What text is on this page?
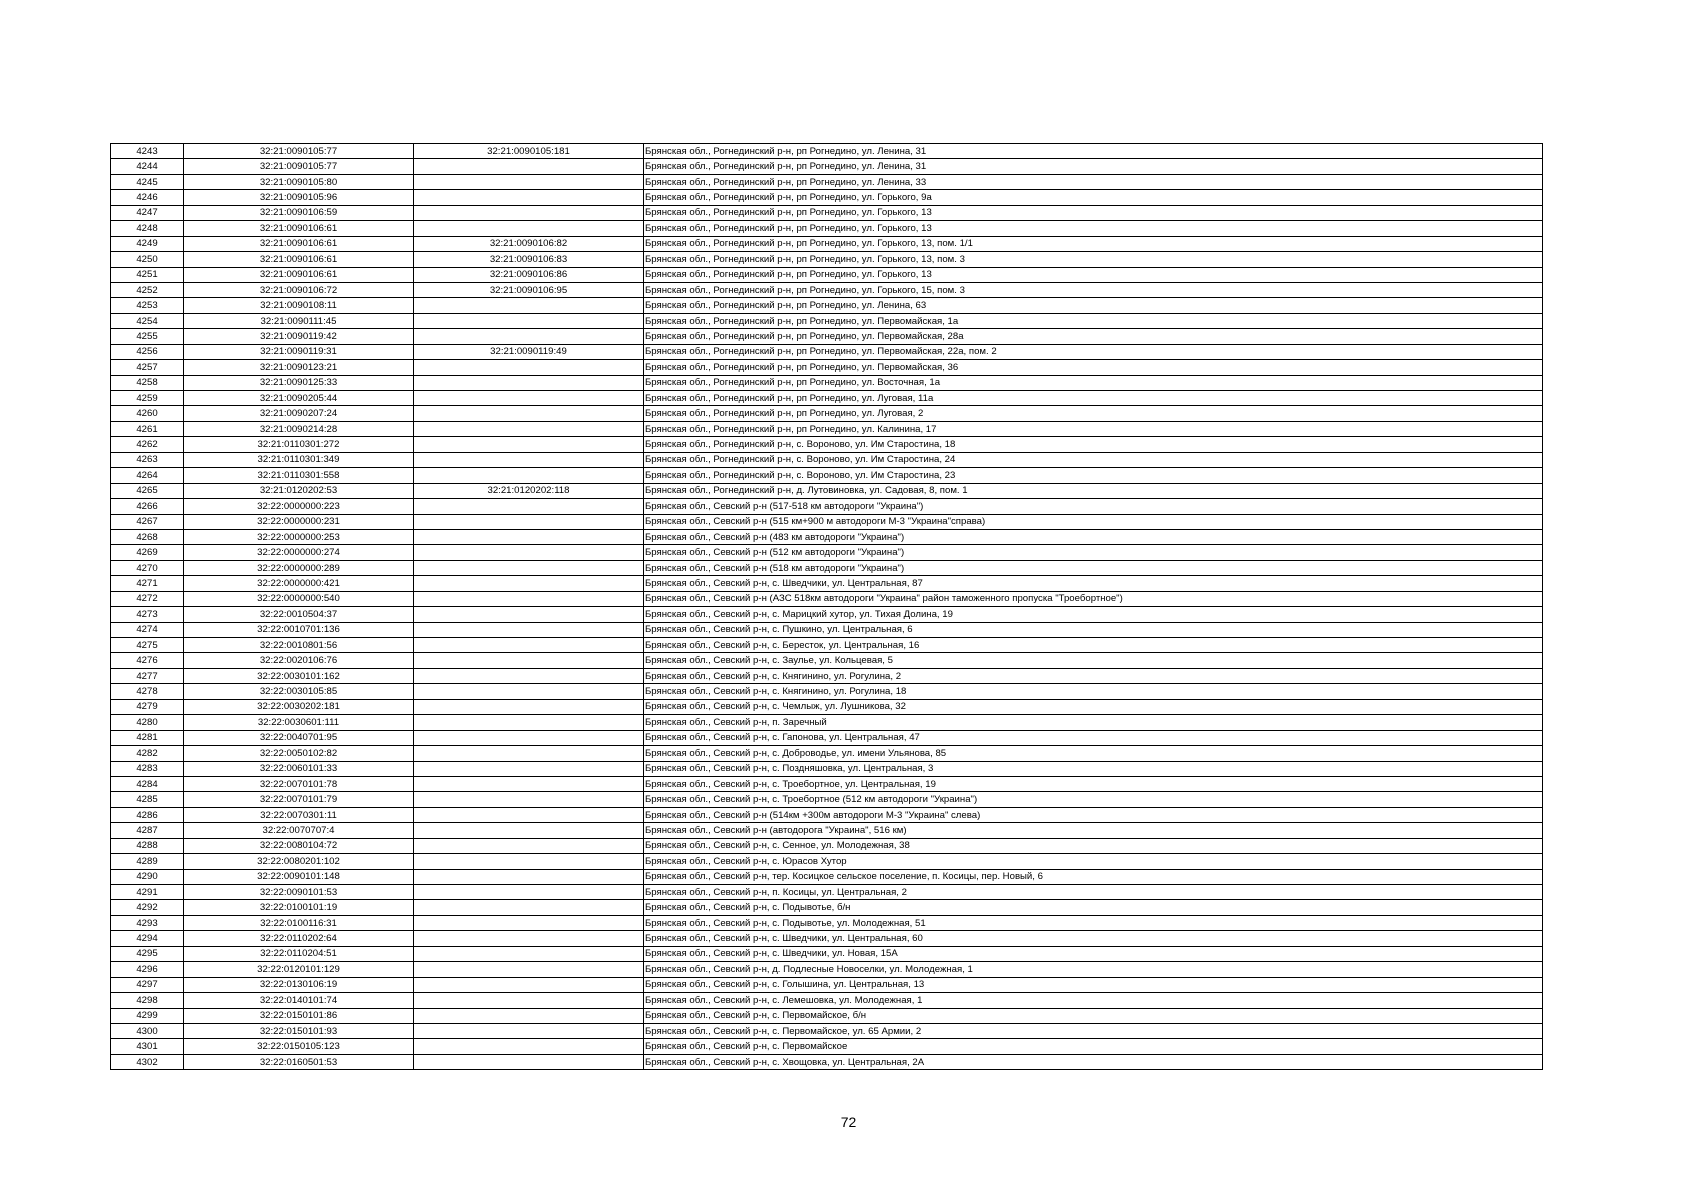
4243	32:21:0090105:77	32:21:0090105:181	Брянская обл., Рогнединский р-н, рп Рогнедино, ул. Ленина, 31
4244	32:21:0090105:77		Брянская обл., Рогнединский р-н, рп Рогнедино, ул. Ленина, 31
4245	32:21:0090105:80		Брянская обл., Рогнединский р-н, рп Рогнедино, ул. Ленина, 33
4246	32:21:0090105:96		Брянская обл., Рогнединский р-н, рп Рогнедино, ул. Горького, 9а
4247	32:21:0090106:59		Брянская обл., Рогнединский р-н, рп Рогнедино, ул. Горького, 13
4248	32:21:0090106:61		Брянская обл., Рогнединский р-н, рп Рогнедино, ул. Горького, 13
4249	32:21:0090106:61	32:21:0090106:82	Брянская обл., Рогнединский р-н, рп Рогнедино, ул. Горького, 13, пом. 1/1
4250	32:21:0090106:61	32:21:0090106:83	Брянская обл., Рогнединский р-н, рп Рогнедино, ул. Горького, 13, пом. 3
4251	32:21:0090106:61	32:21:0090106:86	Брянская обл., Рогнединский р-н, рп Рогнедино, ул. Горького, 13
4252	32:21:0090106:72	32:21:0090106:95	Брянская обл., Рогнединский р-н, рп Рогнедино, ул. Горького, 15, пом. 3
4253	32:21:0090108:11		Брянская обл., Рогнединский р-н, рп Рогнедино, ул. Ленина, 63
4254	32:21:0090111:45		Брянская обл., Рогнединский р-н, рп Рогнедино, ул. Первомайская, 1а
4255	32:21:0090119:42		Брянская обл., Рогнединский р-н, рп Рогнедино, ул. Первомайская, 28а
4256	32:21:0090119:31	32:21:0090119:49	Брянская обл., Рогнединский р-н, рп Рогнедино, ул. Первомайская, 22а, пом. 2
4257	32:21:0090123:21		Брянская обл., Рогнединский р-н, рп Рогнедино, ул. Первомайская, 36
4258	32:21:0090125:33		Брянская обл., Рогнединский р-н, рп Рогнедино, ул. Восточная, 1а
4259	32:21:0090205:44		Брянская обл., Рогнединский р-н, рп Рогнедино, ул. Луговая, 11а
4260	32:21:0090207:24		Брянская обл., Рогнединский р-н, рп Рогнедино, ул. Луговая, 2
4261	32:21:0090214:28		Брянская обл., Рогнединский р-н, рп Рогнедино, ул. Калинина, 17
4262	32:21:0110301:272		Брянская обл., Рогнединский р-н, с. Вороново, ул. Им Старостина, 18
4263	32:21:0110301:349		Брянская обл., Рогнединский р-н, с. Вороново, ул. Им Старостина, 24
4264	32:21:0110301:558		Брянская обл., Рогнединский р-н, с. Вороново, ул. Им Старостина, 23
4265	32:21:0120202:53	32:21:0120202:118	Брянская обл., Рогнединский р-н, д. Лутовиновка, ул. Садовая, 8, пом. 1
4266	32:22:0000000:223		Брянская обл., Севский р-н (517-518 км автодороги "Украина")
4267	32:22:0000000:231		Брянская обл., Севский р-н (515 км+900 м автодороги М-3 "Украина"справа)
4268	32:22:0000000:253		Брянская обл., Севский р-н (483 км автодороги "Украина")
4269	32:22:0000000:274		Брянская обл., Севский р-н (512 км автодороги "Украина")
4270	32:22:0000000:289		Брянская обл., Севский р-н (518 км автодороги "Украина")
4271	32:22:0000000:421		Брянская обл., Севский р-н, с. Шведчики, ул. Центральная, 87
4272	32:22:0000000:540		Брянская обл., Севский р-н (АЗС 518км автодороги "Украина" район таможенного пропуска "Троебортное")
4273	32:22:0010504:37		Брянская обл., Севский р-н, с. Марицкий хутор, ул. Тихая Долина, 19
4274	32:22:0010701:136		Брянская обл., Севский р-н, с. Пушкино, ул. Центральная, 6
4275	32:22:0010801:56		Брянская обл., Севский р-н, с. Бересток, ул. Центральная, 16
4276	32:22:0020106:76		Брянская обл., Севский р-н, с. Заулье, ул. Кольцевая, 5
4277	32:22:0030101:162		Брянская обл., Севский р-н, с. Княгинино, ул. Рогулина, 2
4278	32:22:0030105:85		Брянская обл., Севский р-н, с. Княгинино, ул. Рогулина, 18
4279	32:22:0030202:181		Брянская обл., Севский р-н, с. Чемлыж, ул. Лушникова, 32
4280	32:22:0030601:111		Брянская обл., Севский р-н, п. Заречный
4281	32:22:0040701:95		Брянская обл., Севский р-н, с. Гапонова, ул. Центральная, 47
4282	32:22:0050102:82		Брянская обл., Севский р-н, с. Доброводье, ул. имени Ульянова, 85
4283	32:22:0060101:33		Брянская обл., Севский р-н, с. Поздняшовка, ул. Центральная, 3
4284	32:22:0070101:78		Брянская обл., Севский р-н, с. Троебортное, ул. Центральная, 19
4285	32:22:0070101:79		Брянская обл., Севский р-н, с. Троебортное (512 км автодороги "Украина")
4286	32:22:0070301:11		Брянская обл., Севский р-н (514км +300м автодороги М-3 "Украина" слева)
4287	32:22:0070707:4		Брянская обл., Севский р-н (автодорога "Украина", 516 км)
4288	32:22:0080104:72		Брянская обл., Севский р-н, с. Сенное, ул. Молодежная, 38
4289	32:22:0080201:102		Брянская обл., Севский р-н, с. Юрасов Хутор
4290	32:22:0090101:148		Брянская обл., Севский р-н, тер. Косицкое сельское поселение, п. Косицы, пер. Новый, 6
4291	32:22:0090101:53		Брянская обл., Севский р-н, п. Косицы, ул. Центральная, 2
4292	32:22:0100101:19		Брянская обл., Севский р-н, с. Подывотье, б/н
4293	32:22:0100116:31		Брянская обл., Севский р-н, с. Подывотье, ул. Молодежная, 51
4294	32:22:0110202:64		Брянская обл., Севский р-н, с. Шведчики, ул. Центральная, 60
4295	32:22:0110204:51		Брянская обл., Севский р-н, с. Шведчики, ул. Новая, 15А
4296	32:22:0120101:129		Брянская обл., Севский р-н, д. Подлесные Новоселки, ул. Молодежная, 1
4297	32:22:0130106:19		Брянская обл., Севский р-н, с. Голышина, ул. Центральная, 13
4298	32:22:0140101:74		Брянская обл., Севский р-н, с. Лемешовка, ул. Молодежная, 1
4299	32:22:0150101:86		Брянская обл., Севский р-н, с. Первомайское, б/н
4300	32:22:0150101:93		Брянская обл., Севский р-н, с. Первомайское, ул. 65 Армии, 2
4301	32:22:0150105:123		Брянская обл., Севский р-н, с. Первомайское
4302	32:22:0160501:53		Брянская обл., Севский р-н, с. Хвощовка, ул. Центральная, 2А
72
